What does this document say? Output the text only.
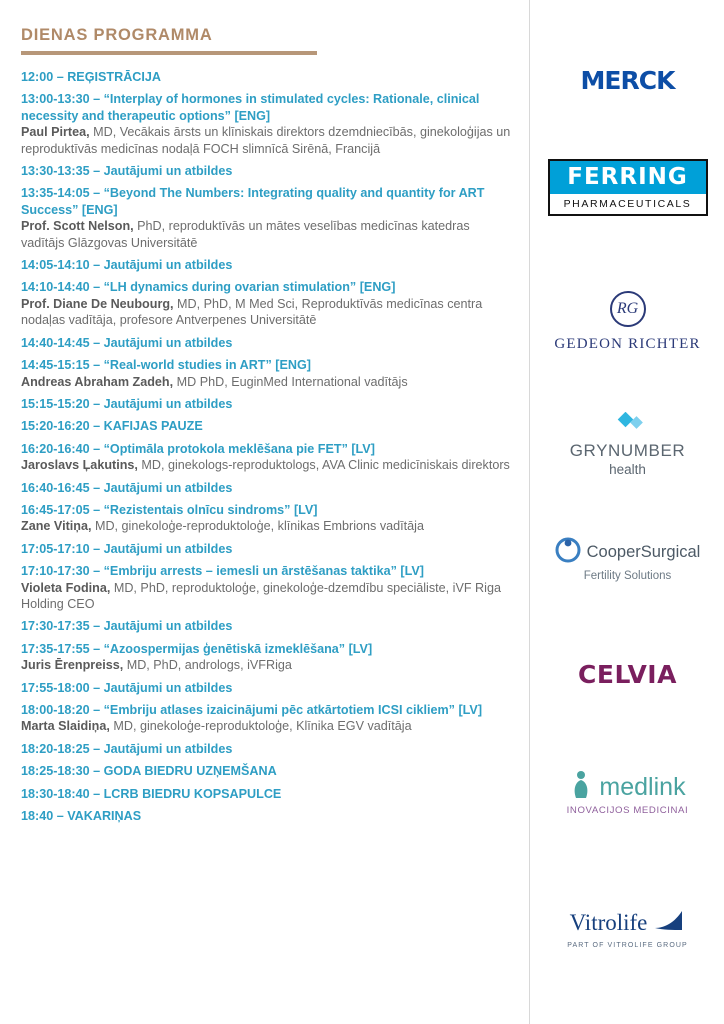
DIENAS PROGRAMMA
12:00 – REĢISTRĀCIJA
13:00-13:30 – “Interplay of hormones in stimulated cycles: Rationale, clinical necessity and therapeutic options” [ENG]
Paul Pirtea, MD, Vecākais ārsts un klīniskais direktors dzemdniecībās, ginekoloģijas un reproduktīvās medicīnas nodaļā FOCH slimnīcā Sirēnā, Francijā
13:30-13:35 – Jautājumi un atbildes
13:35-14:05 – “Beyond The Numbers: Integrating quality and quantity for ART Success” [ENG]
Prof. Scott Nelson, PhD, reproduktīvās un mātes veselības medicīnas katedras vadītājs Glāzgovas Universitātē
14:05-14:10 – Jautājumi un atbildes
14:10-14:40 – “LH dynamics during ovarian stimulation” [ENG]
Prof. Diane De Neubourg, MD, PhD, M Med Sci, Reproduktīvās medicīnas centra nodaļas vadītāja, profesore Antverpenes Universitātē
14:40-14:45 – Jautājumi un atbildes
14:45-15:15 – “Real-world studies in ART” [ENG]
Andreas Abraham Zadeh, MD PhD, EuginMed International vadītājs
15:15-15:20 – Jautājumi un atbildes
15:20-16:20 – KAFIJAS PAUZE
16:20-16:40 – “Optimāla protokola meklēšana pie FET” [LV]
Jaroslavs Ļakutins, MD, ginekologs-reproduktologs, AVA Clinic medicīniskais direktors
16:40-16:45 – Jautājumi un atbildes
16:45-17:05 – “Rezistentais olnīcu sindroms” [LV]
Zane Vitiņa, MD, ginekoloģe-reproduktoloģe, klīnikas Embrions vadītāja
17:05-17:10 – Jautājumi un atbildes
17:10-17:30 – “Embriju arrests – iemesli un ārstēšanas taktika” [LV]
Violeta Fodina, MD, PhD, reproduktoloģe, ginekoloģe-dzemdību speciāliste, iVF Riga Holding CEO
17:30-17:35 – Jautājumi un atbildes
17:35-17:55 – “Azoospermijas ģenētiskā izmeklēšana” [LV]
Juris Ērenpreiss, MD, PhD, andrologs, iVFRiga
17:55-18:00 – Jautājumi un atbildes
18:00-18:20 – “Embriju atlases izaicinājumi pēc atkārtotiem ICSI cikliem” [LV]
Marta Slaidiņa, MD, ginekoloģe-reproduktoloģe, Klīnika EGV vadītāja
18:20-18:25 – Jautājumi un atbildes
18:25-18:30 – GODA BIEDRU UZŅEMŠANA
18:30-18:40 – LCRB BIEDRU KOPSAPULCE
18:40 – VAKARIŅAS
MERCK
FERRING
PHARMACEUTICALS
RG
GEDEON RICHTER
GRYNUMBER
health
CooperSurgical
Fertility Solutions
CELVIA
medlink
INOVACIJOS MEDICINAI
Vitrolife
PART OF VITROLIFE GROUP
